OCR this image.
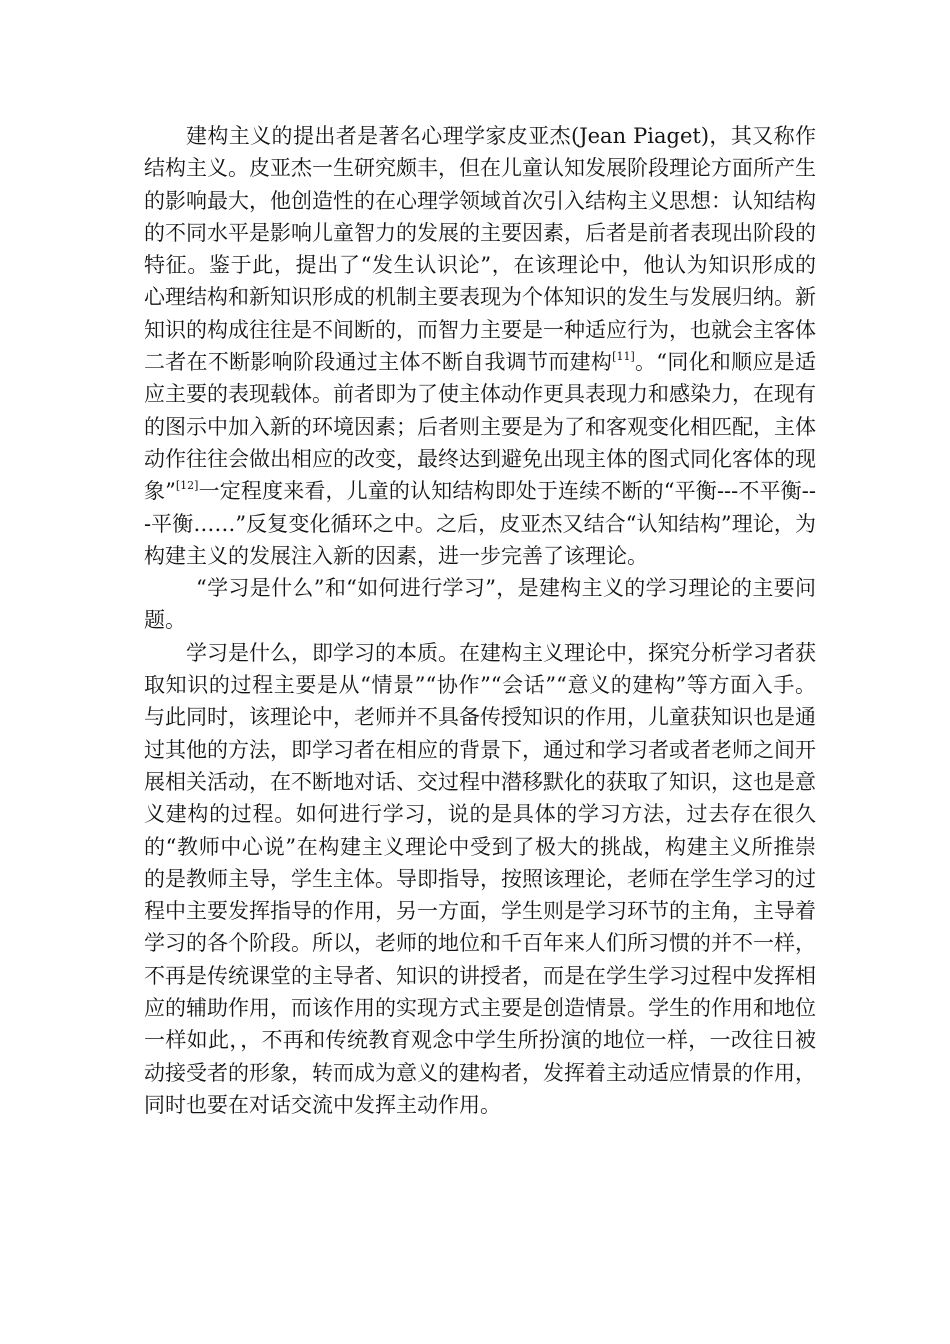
建构主义的提出者是著名心理学家皮亚杰(Jean Piaget)，其又称作结构主义。皮亚杰一生研究颇丰，但在儿童认知发展阶段理论方面所产生的影响最大，他创造性的在心理学领域首次引入结构主义思想：认知结构的不同水平是影响儿童智力的发展的主要因素，后者是前者表现出阶段的特征。鉴于此，提出了“发生认识论”，在该理论中，他认为知识形成的心理结构和新知识形成的机制主要表现为个体知识的发生与发展归纳。新知识的构成往往是不间断的，而智力主要是一种适应行为，也就会主客体二者在不断影响阶段通过主体不断自我调节而建构[11]。“同化和顺应是适应主要的表现载体。前者即为了使主体动作更具表现力和感染力，在现有的图示中加入新的环境因素；后者则主要是为了和客观变化相匹配，主体动作往往会做出相应的改变，最终达到避免出现主体的图式同化客体的现象”[12]一定程度来看，儿童的认知结构即处于连续不断的“平衡---不平衡---平衡……”反复变化循环之中。之后，皮亚杰又结合“认知结构”理论，为构建主义的发展注入新的因素，进一步完善了该理论。

“学习是什么”和“如何进行学习”，是建构主义的学习理论的主要问题。

学习是什么，即学习的本质。在建构主义理论中，探究分析学习者获取知识的过程主要是从“情景”“协作”“会话”“意义的建构”等方面入手。与此同时，该理论中，老师并不具备传授知识的作用，儿童获知识也是通过其他的方法，即学习者在相应的背景下，通过和学习者或者老师之间开展相关活动，在不断地对话、交过程中潜移默化的获取了知识，这也是意义建构的过程。如何进行学习，说的是具体的学习方法，过去存在很久的“教师中心说”在构建主义理论中受到了极大的挑战，构建主义所推崇的是教师主导，学生主体。导即指导，按照该理论，老师在学生学习的过程中主要发挥指导的作用，另一方面，学生则是学习环节的主角，主导着学习的各个阶段。所以，老师的地位和千百年来人们所习惯的并不一样，不再是传统课堂的主导者、知识的讲授者，而是在学生学习过程中发挥相应的辅助作用，而该作用的实现方式主要是创造情景。学生的作用和地位一样如此，，不再和传统教育观念中学生所扮演的地位一样，一改往日被动接受者的形象，转而成为意义的建构者，发挥着主动适应情景的作用，同时也要在对话交流中发挥主动作用。
